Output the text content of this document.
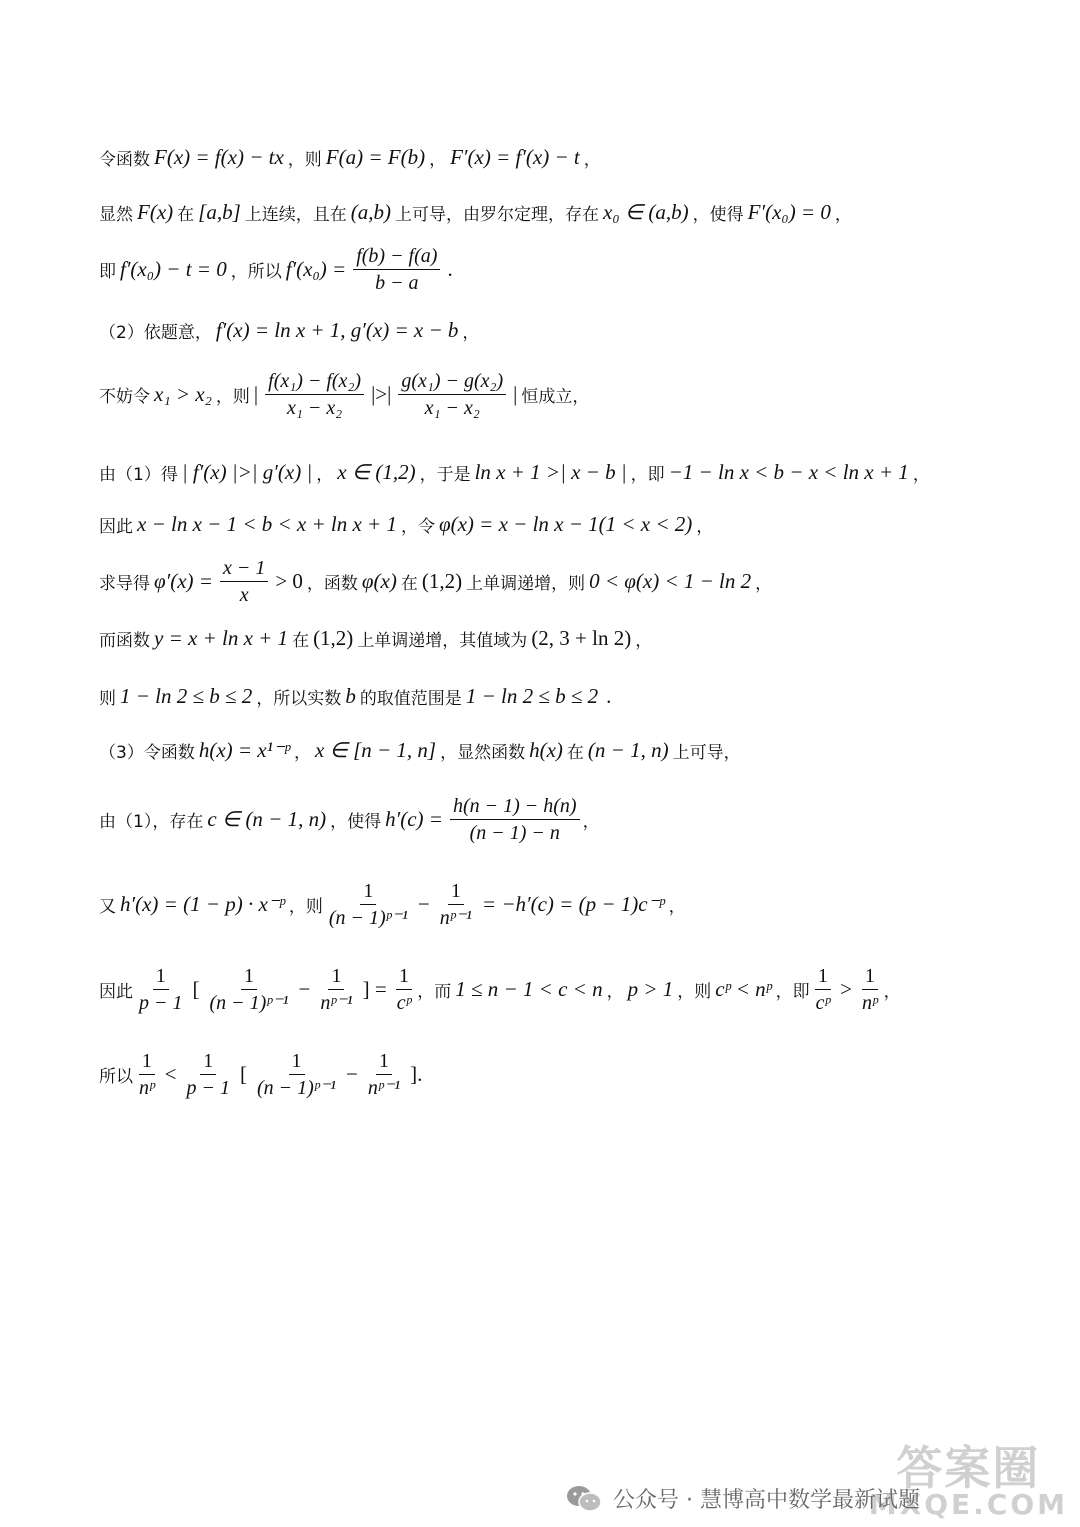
令函数 F(x) = f(x) − tx ，则 F(a) = F(b) ， F′(x) = f′(x) − t ，
显然 F(x) 在 [a,b] 上连续，且在 (a,b) 上可导，由罗尔定理，存在 x₀ ∈ (a,b) ，使得 F′(x₀) = 0 ，
即 f′(x₀) − t = 0 ，所以 $f'(x_0) = \frac{f(b) - f(a)}{b - a}$ .
（2）依题意， f′(x) = ln x + 1, g′(x) = x − b ，
不妨令 x₁ > x₂ ，则 | $\frac{\text{f(x₁) − f(x₂)}}{\text{x₁ − x₂}}$ |>| $\frac{\text{g(x₁) − g(x₂)}}{\text{x₁ − x₂}}$ | 恒成立，
由（1）得 | f′(x) |>| g′(x) | ， x ∈ (1,2) ，于是 ln x + 1 >| x − b | ，即 −1 − ln x < b − x < ln x + 1 ，
因此 x − ln x − 1 < b < x + ln x + 1 ，令 φ(x) = x − ln x − 1(1 < x < 2) ，
求导得 $\varphi'(x) = \frac{x - 1}{x} > 0$ ，函数 φ(x) 在 (1,2) 上单调递增，则 0 < φ(x) < 1 − ln 2 ，
而函数 y = x + ln x + 1 在 (1,2) 上单调递增，其值域为 (2, 3 + ln 2) ，
则 1 − ln 2 ≤ b ≤ 2 ，所以实数 b 的取值范围是 1 − ln 2 ≤ b ≤ 2 .
（3）令函数 h(x) = x¹⁻ᵖ ， x ∈ [n − 1, n] ，显然函数 h(x) 在 (n − 1, n) 上可导，
由（1），存在 c ∈ (n − 1, n) ，使得 $h'(c) = \frac{h(n - 1) - h(n)}{(n - 1) - n}$ ，
又 h′(x) = (1 − p) · x⁻ᵖ ，则 $\frac{1}{\text{(n − 1)ᵖ⁻¹}} - \frac{1}{\text{nᵖ⁻¹}} = -h'(c) = (p$ − 1)c⁻ᵖ ，
因此 $\frac{1}{p - 1}$ [ $\frac{1}{\text{(n − 1)ᵖ⁻¹}} - \frac{1}{\text{nᵖ⁻¹}}$ ] = $\frac{1}{\text{cᵖ}}$ ，而 1 ≤ n − 1 < c < n ， p > 1 ，则 cᵖ < nᵖ ，即 $\frac{1}{\text{cᵖ}} > \frac{1}{\text{nᵖ}}$ ，
所以 $\frac{1}{\text{nᵖ}} < \frac{1}{p - 1}$ [ $\frac{1}{\text{(n − 1)ᵖ⁻¹}} - \frac{1}{\text{nᵖ⁻¹}}$ ].
公众号 · 慧博高中数学最新试题
答案圈
MXQE.COM
